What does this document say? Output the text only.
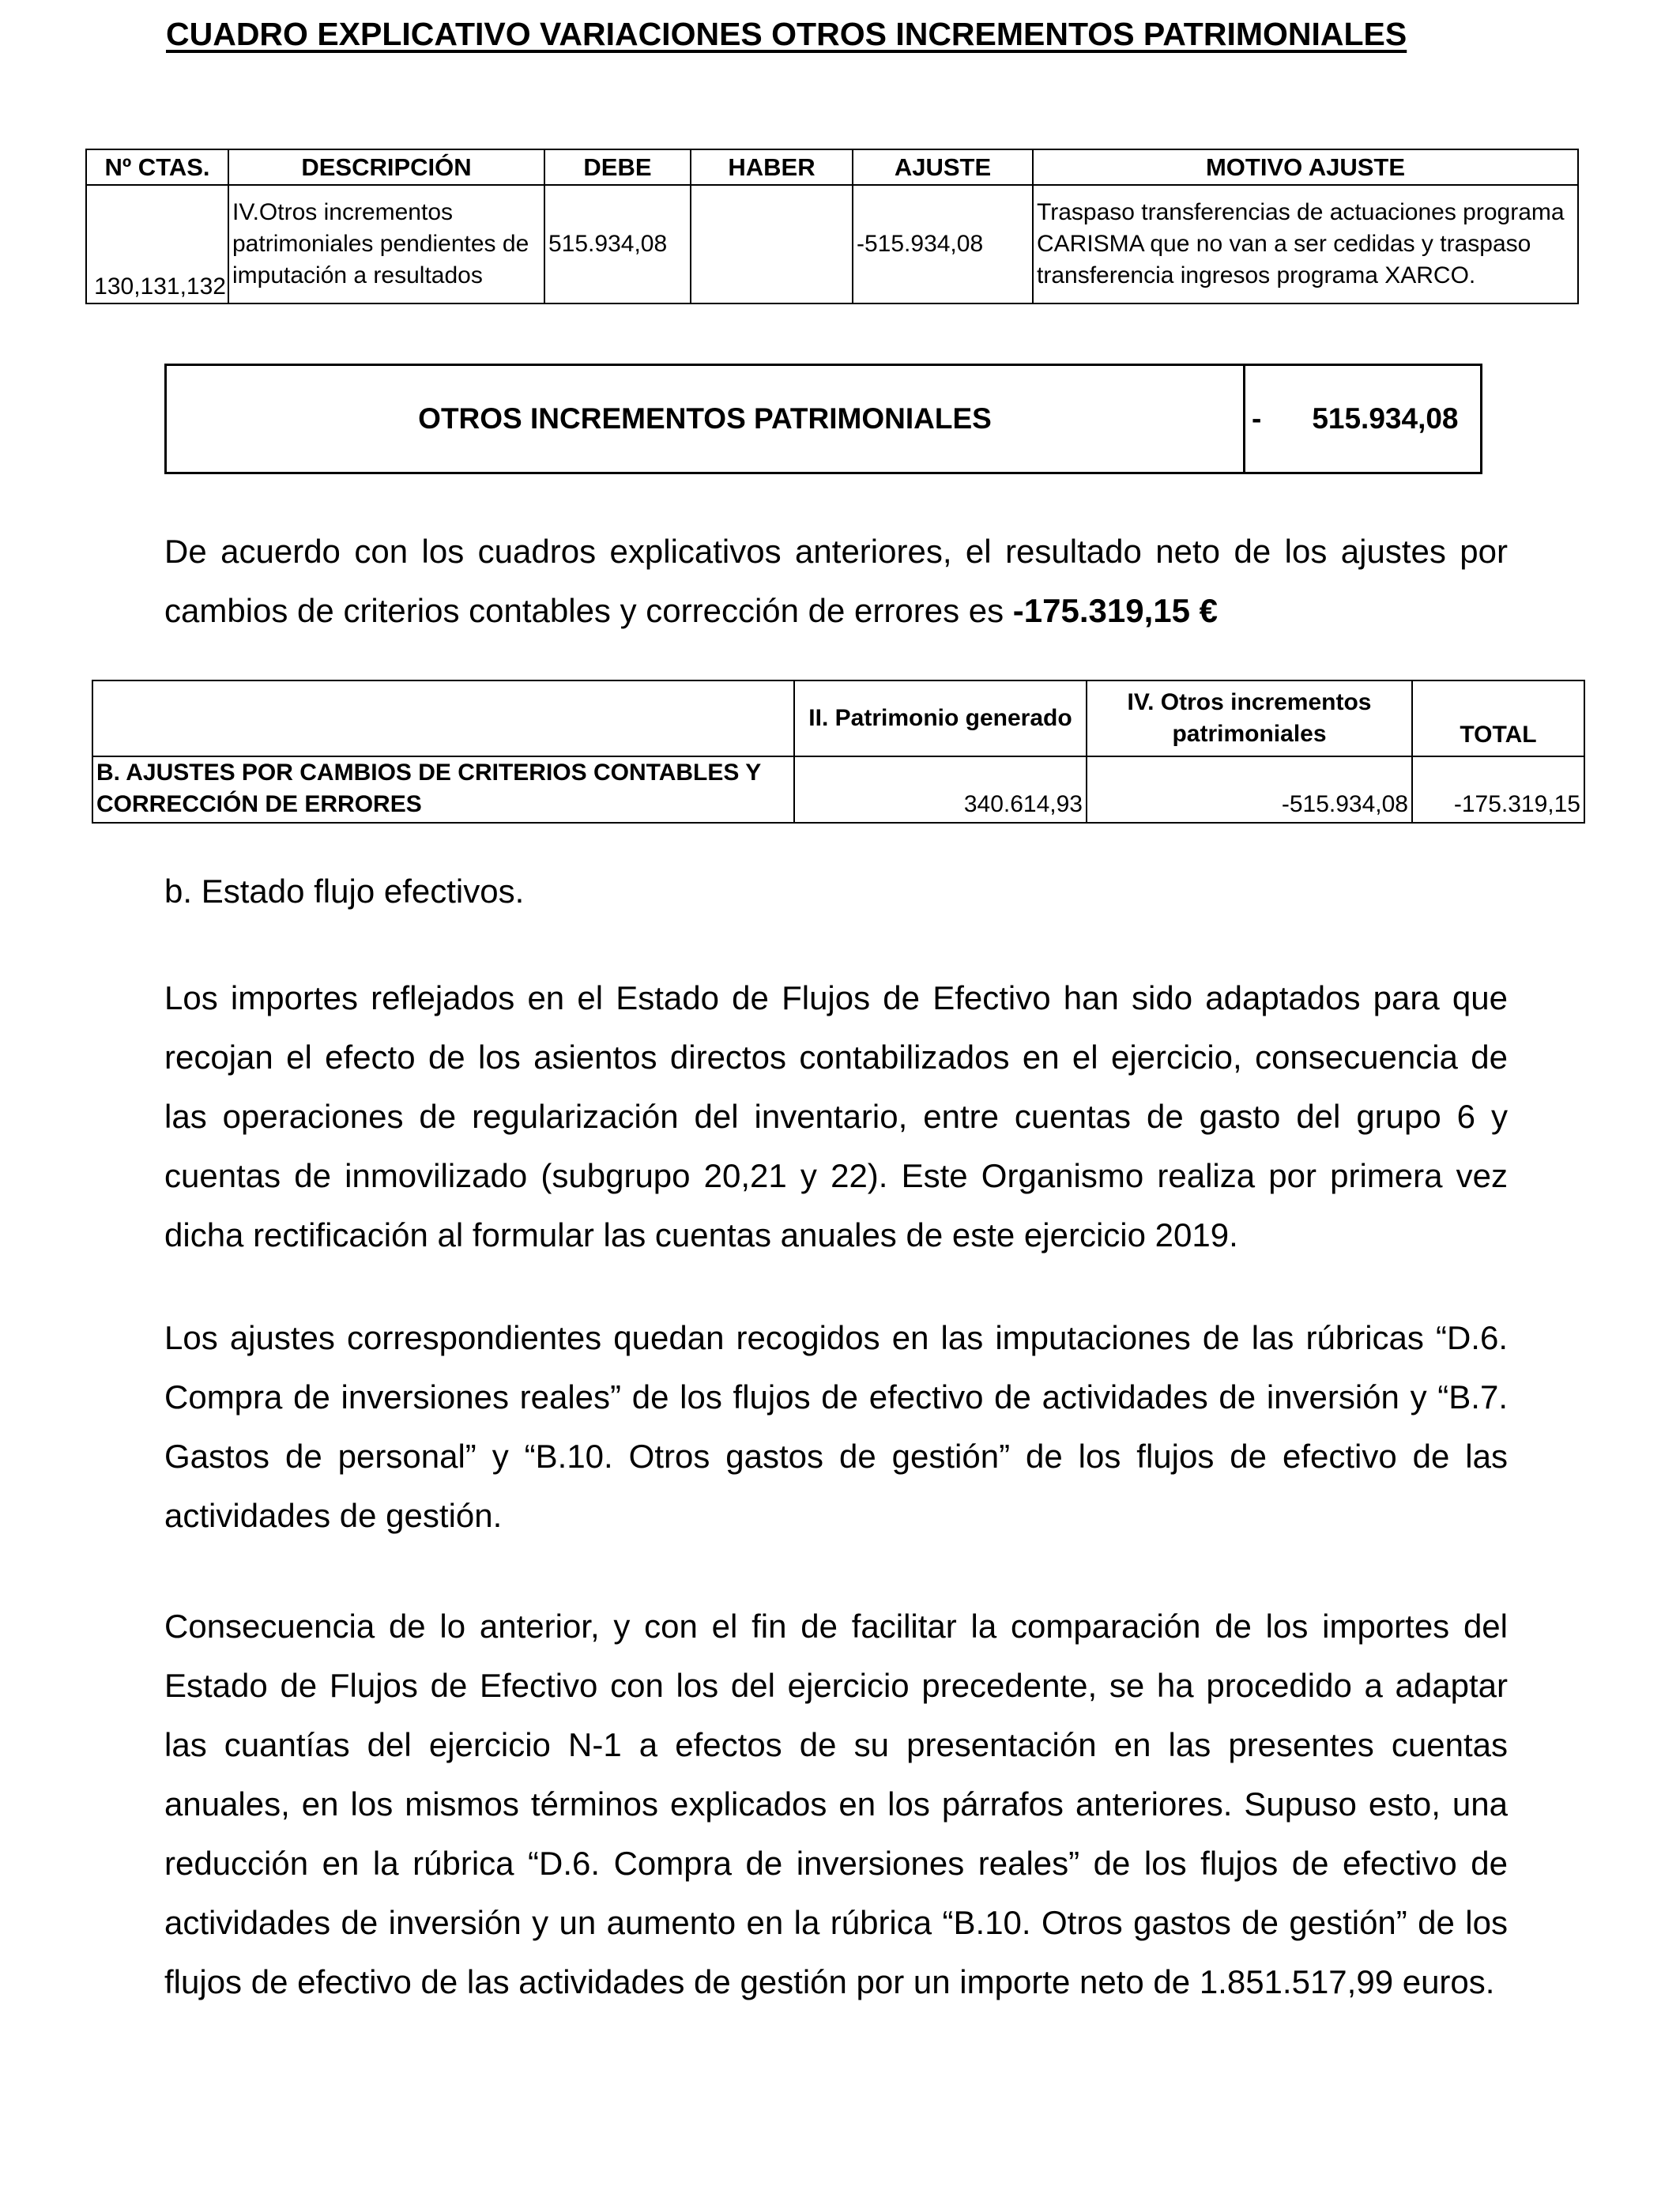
CUADRO EXPLICATIVO VARIACIONES OTROS INCREMENTOS PATRIMONIALES
Nº CTAS.	DESCRIPCIÓN	DEBE	HABER	AJUSTE	MOTIVO AJUSTE
130,131,132	IV.Otros incrementos patrimoniales pendientes de imputación a resultados	515.934,08		-515.934,08	Traspaso transferencias de actuaciones programa CARISMA que no van a ser cedidas y traspaso transferencia ingresos programa XARCO.
OTROS INCREMENTOS PATRIMONIALES	- 515.934,08
De acuerdo con los cuadros explicativos anteriores, el resultado neto de los ajustes por cambios de criterios contables y corrección de errores es -175.319,15 €
	II. Patrimonio generado	IV. Otros incrementos patrimoniales	TOTAL
B. AJUSTES POR CAMBIOS DE CRITERIOS CONTABLES Y CORRECCIÓN DE ERRORES	340.614,93	-515.934,08	-175.319,15
b. Estado flujo efectivos.
Los importes reflejados en el Estado de Flujos de Efectivo han sido adaptados para que recojan el efecto de los asientos directos contabilizados en el ejercicio, consecuencia de las operaciones de regularización del inventario, entre cuentas de gasto del grupo 6 y cuentas de inmovilizado (subgrupo 20,21 y 22). Este Organismo realiza por primera vez dicha rectificación al formular las cuentas anuales de este ejercicio 2019.
Los ajustes correspondientes quedan recogidos en las imputaciones de las rúbricas “D.6. Compra de inversiones reales” de los flujos de efectivo de actividades de inversión y “B.7. Gastos de personal” y “B.10. Otros gastos de gestión” de los flujos de efectivo de las actividades de gestión.
Consecuencia de lo anterior, y con el fin de facilitar la comparación de los importes del Estado de Flujos de Efectivo con los del ejercicio precedente, se ha procedido a adaptar las cuantías del ejercicio N-1 a efectos de su presentación en las presentes cuentas anuales, en los mismos términos explicados en los párrafos anteriores. Supuso esto, una reducción en la rúbrica “D.6. Compra de inversiones reales” de los flujos de efectivo de actividades de inversión y un aumento en la rúbrica “B.10. Otros gastos de gestión” de los flujos de efectivo de las actividades de gestión por un importe neto de 1.851.517,99 euros.
